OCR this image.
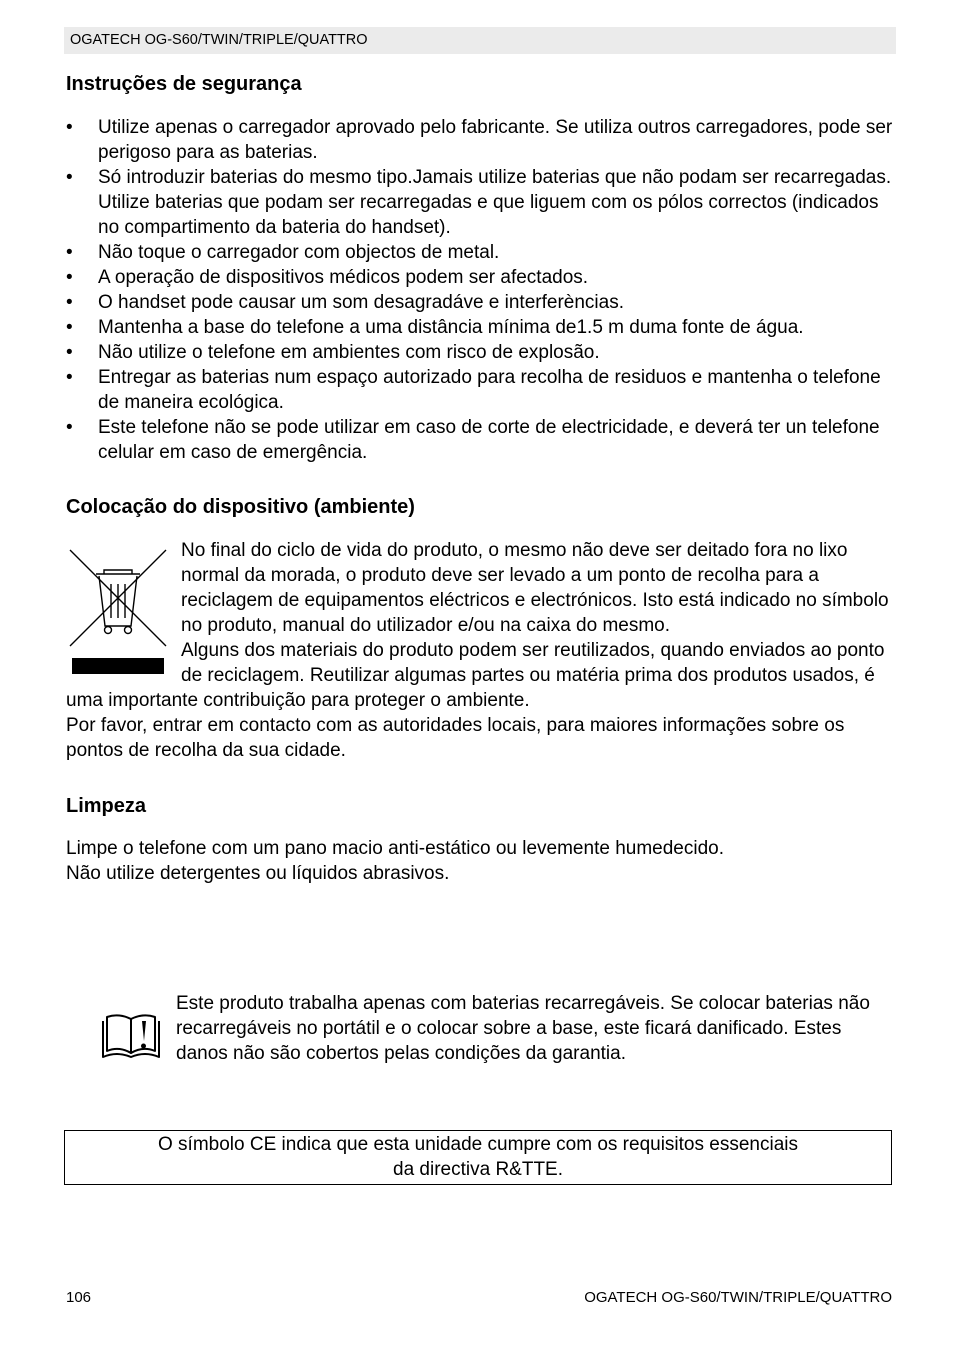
OGATECH OG-S60/TWIN/TRIPLE/QUATTRO
Instruções de segurança
• Utilize apenas o carregador aprovado pelo fabricante. Se utiliza outros carregadores, pode ser perigoso para as baterias.
• Só introduzir baterias do mesmo tipo.Jamais utilize baterias que não podam ser recarregadas. Utilize baterias que podam ser recarregadas e que liguem com os pólos correctos (indicados no compartimento da bateria do handset).
• Não toque o carregador com objectos de metal.
• A operação de dispositivos médicos podem ser afectados.
• O handset pode causar um som desagradáve e interferèncias.
• Mantenha a base do telefone a uma distância mínima de1.5 m duma fonte de água.
• Não utilize o telefone em ambientes com risco de explosão.
• Entregar as baterias num espaço autorizado para recolha de residuos e mantenha o telefone de maneira ecológica.
• Este telefone não se pode utilizar em caso de corte de electricidade, e deverá ter un telefone celular em caso de emergência.
Colocação do dispositivo (ambiente)
No final do ciclo de vida do produto, o mesmo não deve ser deitado fora no lixo normal da morada, o produto deve ser levado a um ponto de recolha para a reciclagem de equipamentos eléctricos e electrónicos. Isto está indicado no símbolo no produto, manual do utilizador e/ou na caixa do mesmo.
Alguns dos materiais do produto podem ser reutilizados, quando enviados ao ponto de reciclagem. Reutilizar algumas partes ou matéria prima dos produtos usados, é uma importante contribuição para proteger o ambiente.
Por favor, entrar em contacto com as autoridades locais, para maiores informações sobre os pontos de recolha da sua cidade.
Limpeza
Limpe o telefone com um pano macio anti-estático ou levemente humedecido.
Não utilize detergentes ou líquidos abrasivos.
Este produto trabalha apenas com baterias recarregáveis. Se colocar baterias não recarregáveis no portátil e o colocar sobre a base, este ficará danificado. Estes danos não são cobertos pelas condições da garantia.
O símbolo CE indica que esta unidade cumpre com os requisitos essenciais
da directiva R&TTE.
106	OGATECH OG-S60/TWIN/TRIPLE/QUATTRO
